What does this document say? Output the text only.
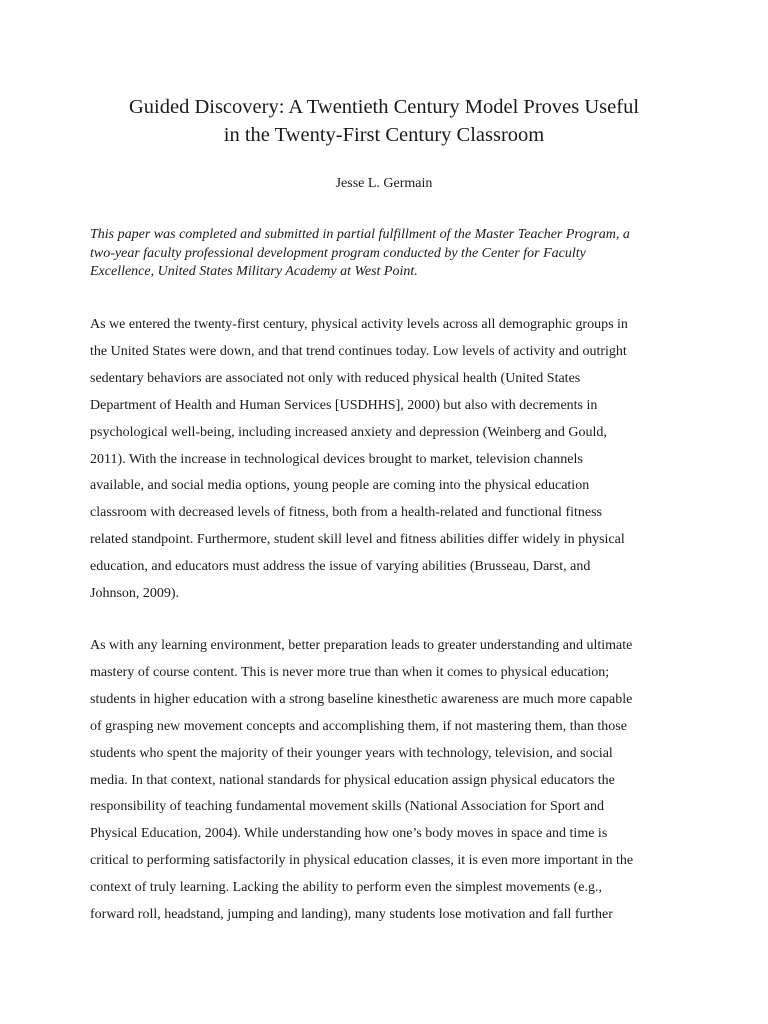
Guided Discovery: A Twentieth Century Model Proves Useful
in the Twenty-First Century Classroom
Jesse L. Germain
This paper was completed and submitted in partial fulfillment of the Master Teacher Program, a
two-year faculty professional development program conducted by the Center for Faculty
Excellence, United States Military Academy at West Point.
As we entered the twenty-first century, physical activity levels across all demographic groups in
the United States were down, and that trend continues today. Low levels of activity and outright
sedentary behaviors are associated not only with reduced physical health (United States
Department of Health and Human Services [USDHHS], 2000) but also with decrements in
psychological well-being, including increased anxiety and depression (Weinberg and Gould,
2011). With the increase in technological devices brought to market, television channels
available, and social media options, young people are coming into the physical education
classroom with decreased levels of fitness, both from a health-related and functional fitness
related standpoint. Furthermore, student skill level and fitness abilities differ widely in physical
education, and educators must address the issue of varying abilities (Brusseau, Darst, and
Johnson, 2009).
As with any learning environment, better preparation leads to greater understanding and ultimate
mastery of course content. This is never more true than when it comes to physical education;
students in higher education with a strong baseline kinesthetic awareness are much more capable
of grasping new movement concepts and accomplishing them, if not mastering them, than those
students who spent the majority of their younger years with technology, television, and social
media. In that context, national standards for physical education assign physical educators the
responsibility of teaching fundamental movement skills (National Association for Sport and
Physical Education, 2004). While understanding how one’s body moves in space and time is
critical to performing satisfactorily in physical education classes, it is even more important in the
context of truly learning. Lacking the ability to perform even the simplest movements (e.g.,
forward roll, headstand, jumping and landing), many students lose motivation and fall further
